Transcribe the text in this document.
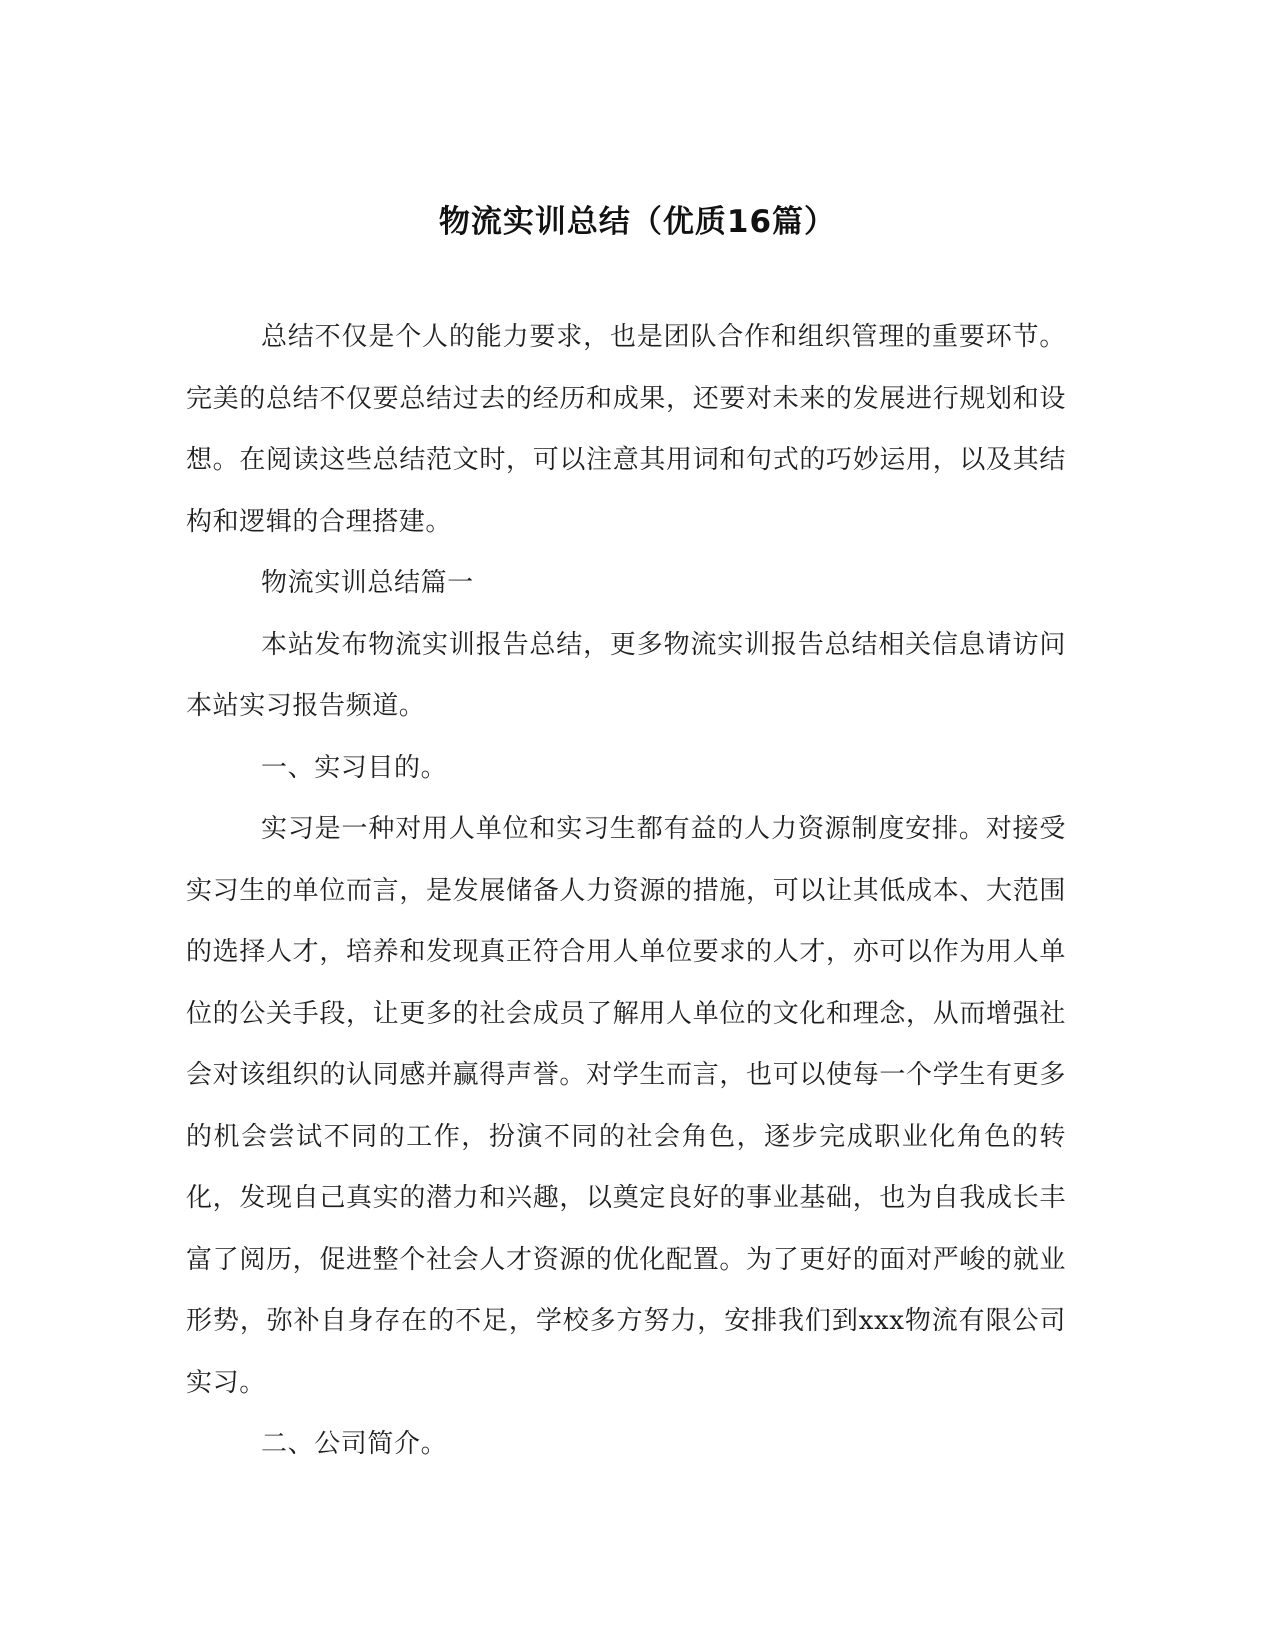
物流实训总结（优质16篇）

总结不仅是个人的能力要求，也是团队合作和组织管理的重要环节。完美的总结不仅要总结过去的经历和成果，还要对未来的发展进行规划和设想。在阅读这些总结范文时，可以注意其用词和句式的巧妙运用，以及其结构和逻辑的合理搭建。

物流实训总结篇一

本站发布物流实训报告总结，更多物流实训报告总结相关信息请访问本站实习报告频道。

一、实习目的。

实习是一种对用人单位和实习生都有益的人力资源制度安排。对接受实习生的单位而言，是发展储备人力资源的措施，可以让其低成本、大范围的选择人才，培养和发现真正符合用人单位要求的人才，亦可以作为用人单位的公关手段，让更多的社会成员了解用人单位的文化和理念，从而增强社会对该组织的认同感并赢得声誉。对学生而言，也可以使每一个学生有更多的机会尝试不同的工作，扮演不同的社会角色，逐步完成职业化角色的转化，发现自己真实的潜力和兴趣，以奠定良好的事业基础，也为自我成长丰富了阅历，促进整个社会人才资源的优化配置。为了更好的面对严峻的就业形势，弥补自身存在的不足，学校多方努力，安排我们到xxx物流有限公司实习。

二、公司简介。
